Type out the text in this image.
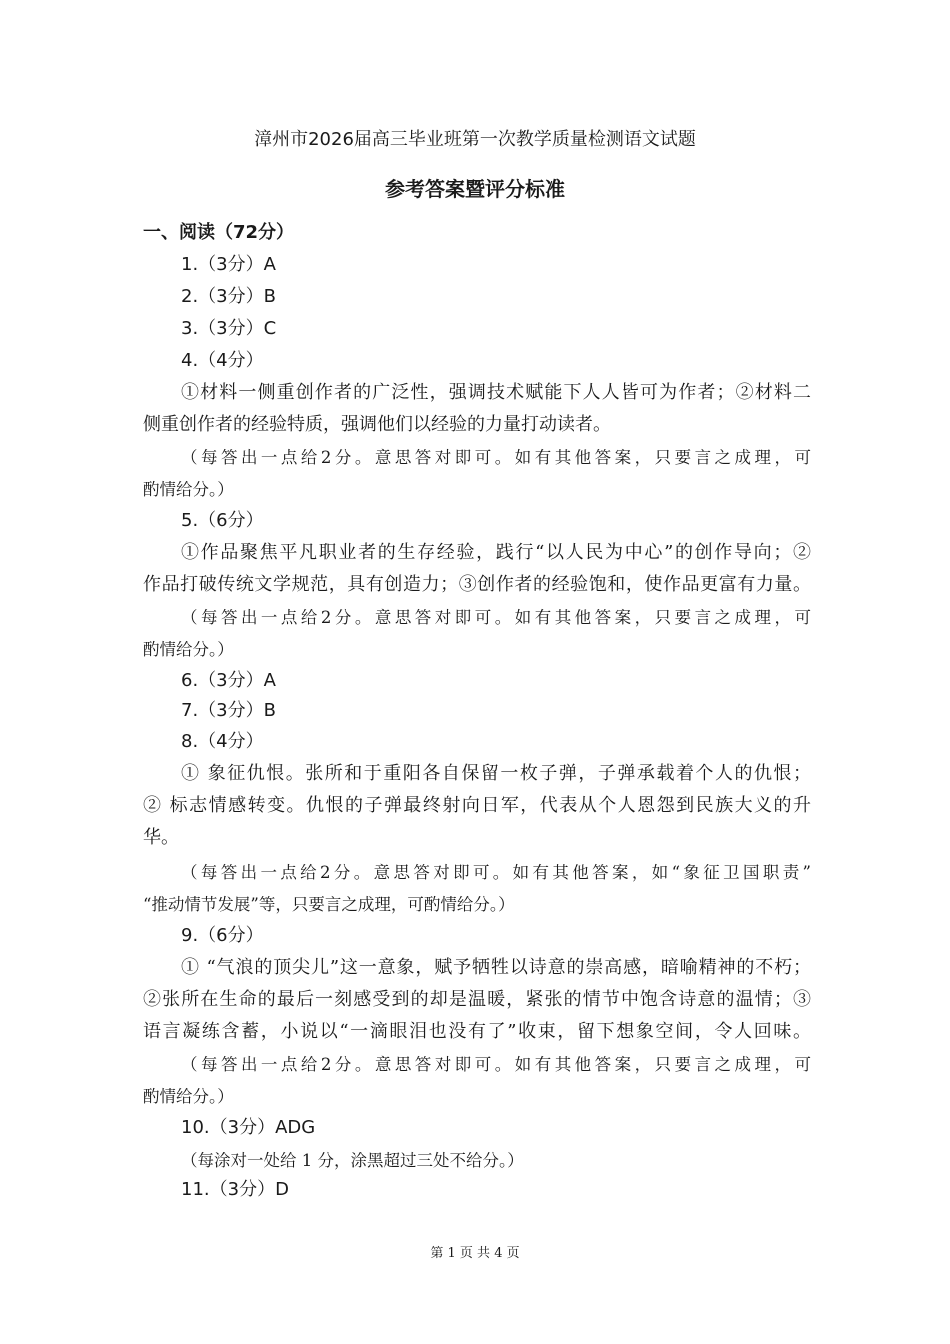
漳州市2026届高三毕业班第一次教学质量检测语文试题
参考答案暨评分标准
一、阅读（72分）
1.（3分）A
2.（3分）B
3.（3分）C
4.（4分）
①材料一侧重创作者的广泛性，强调技术赋能下人人皆可为作者；②材料二
侧重创作者的经验特质，强调他们以经验的力量打动读者。
（每答出一点给2分。意思答对即可。如有其他答案，只要言之成理，可
酌情给分。）
5.（6分）
①作品聚焦平凡职业者的生存经验，践行“以人民为中心”的创作导向；②
作品打破传统文学规范，具有创造力；③创作者的经验饱和，使作品更富有力量。
（每答出一点给2分。意思答对即可。如有其他答案，只要言之成理，可
酌情给分。）
6.（3分）A
7.（3分）B
8.（4分）
① 象征仇恨。张所和于重阳各自保留一枚子弹，子弹承载着个人的仇恨；
② 标志情感转变。仇恨的子弹最终射向日军，代表从个人恩怨到民族大义的升
华。
（每答出一点给2分。意思答对即可。如有其他答案，如“象征卫国职责”
“推动情节发展”等，只要言之成理，可酌情给分。）
9.（6分）
① “气浪的顶尖儿”这一意象，赋予牺牲以诗意的崇高感，暗喻精神的不朽；
②张所在生命的最后一刻感受到的却是温暖，紧张的情节中饱含诗意的温情；③
语言凝练含蓄，小说以“一滴眼泪也没有了”收束，留下想象空间，令人回味。
（每答出一点给2分。意思答对即可。如有其他答案，只要言之成理，可
酌情给分。）
10.（3分）ADG
（每涂对一处给 1 分，涂黑超过三处不给分。）
11.（3分）D
第 1 页 共 4 页
